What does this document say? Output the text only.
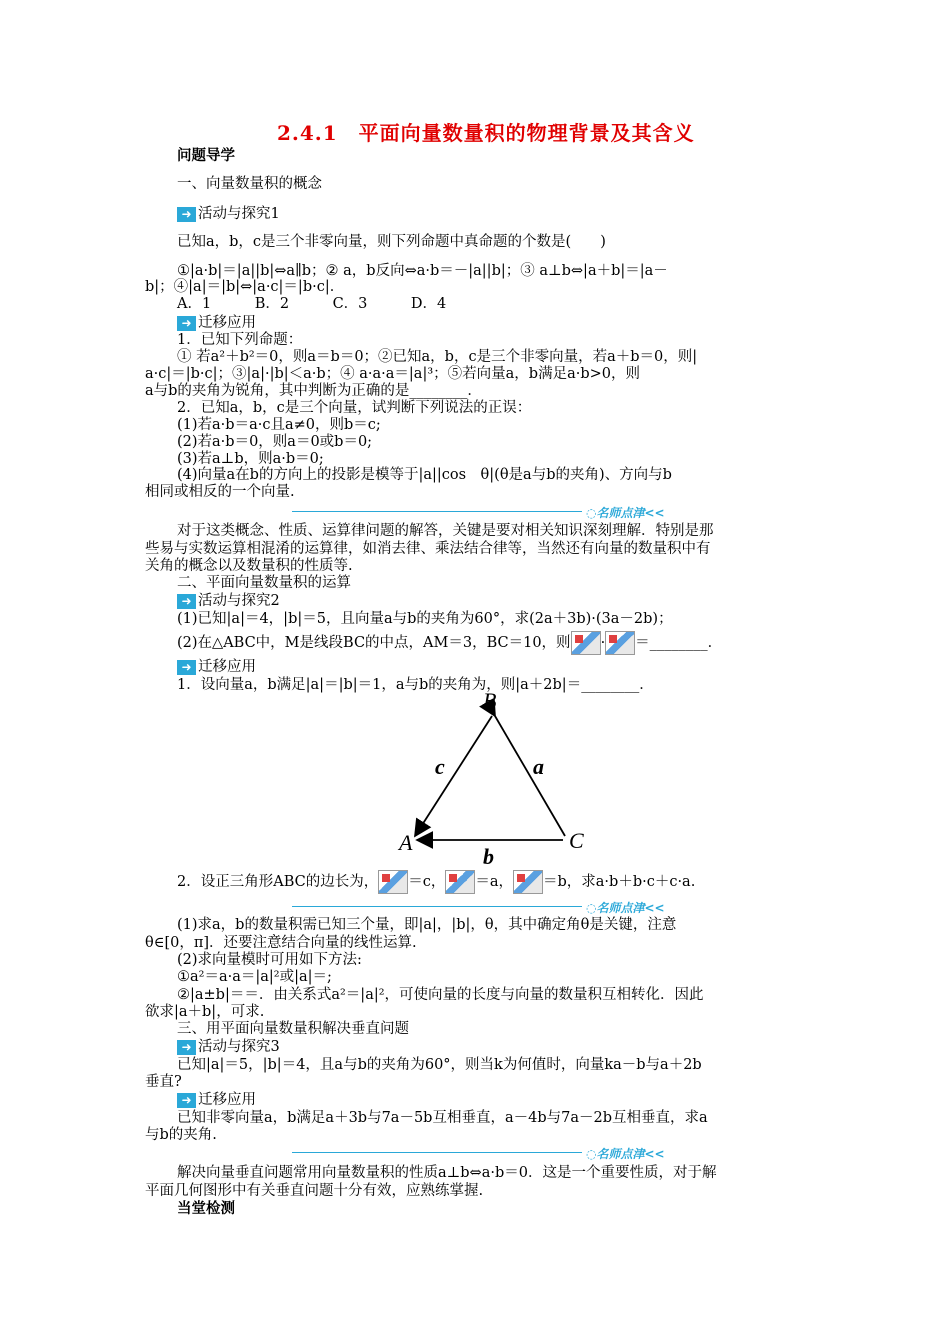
2.4.1　平面向量数量积的物理背景及其含义
问题导学
一、向量数量积的概念
➜ 活动与探究1
已知a，b，c是三个非零向量，则下列命题中真命题的个数是(　　)
①|a·b|＝|a||b|⇔a∥b；② a，b反向⇔a·b＝－|a||b|；③ a⊥b⇔|a＋b|＝|a－
b|；④|a|＝|b|⇔|a·c|＝|b·c|．
A．1　　　B．2　　　C．3　　　D．4
➜ 迁移应用
1．已知下列命题：
① 若a²＋b²＝0，则a＝b＝0；②已知a，b，c是三个非零向量，若a＋b＝0，则|
a·c|＝|b·c|；③|a|·|b|＜a·b；④ a·a·a＝|a|³；⑤若向量a，b满足a·b>0，则
a与b的夹角为锐角，其中判断为正确的是________．
2．已知a，b，c是三个向量，试判断下列说法的正误：
(1)若a·b＝a·c且a≠0，则b＝c;
(2)若a·b＝0，则a＝0或b＝0;
(3)若a⊥b，则a·b＝0;
(4)向量a在b的方向上的投影是模等于|a||cos　θ|(θ是a与b的夹角)、方向与b
相同或相反的一个向量.
◌名师点津<<
对于这类概念、性质、运算律问题的解答，关键是要对相关知识深刻理解．特别是那
些易与实数运算相混淆的运算律，如消去律、乘法结合律等，当然还有向量的数量积中有
关角的概念以及数量积的性质等.
二、平面向量数量积的运算
➜ 活动与探究2
(1)已知|a|＝4，|b|＝5，且向量a与b的夹角为60°，求(2a＋3b)·(3a－2b)；
(2)在△ABC中，M是线段BC的中点，AM＝3，BC＝10，则 · ＝________．
➜ 迁移应用
1．设向量a，b满足|a|＝|b|＝1，a与b的夹角为，则|a＋2b|＝________．
B
A	C
c	a
b
2．设正三角形ABC的边长为， ＝c， ＝a， ＝b，求a·b＋b·c＋c·a.
◌名师点津<<
(1)求a，b的数量积需已知三个量，即|a|，|b|，θ，其中确定角θ是关键，注意
θ∈[0，π]．还要注意结合向量的线性运算.
(2)求向量模时可用如下方法:
①a²＝a·a＝|a|²或|a|＝;
②|a±b|＝＝．由关系式a²＝|a|²，可使向量的长度与向量的数量积互相转化．因此
欲求|a＋b|，可求.
三、用平面向量数量积解决垂直问题
➜ 活动与探究3
已知|a|＝5，|b|＝4，且a与b的夹角为60°，则当k为何值时，向量ka－b与a＋2b
垂直?
➜ 迁移应用
已知非零向量a，b满足a＋3b与7a－5b互相垂直，a－4b与7a－2b互相垂直，求a
与b的夹角.
◌名师点津<<
解决向量垂直问题常用向量数量积的性质a⊥b⇔a·b＝0．这是一个重要性质，对于解
平面几何图形中有关垂直问题十分有效，应熟练掌握.
当堂检测
